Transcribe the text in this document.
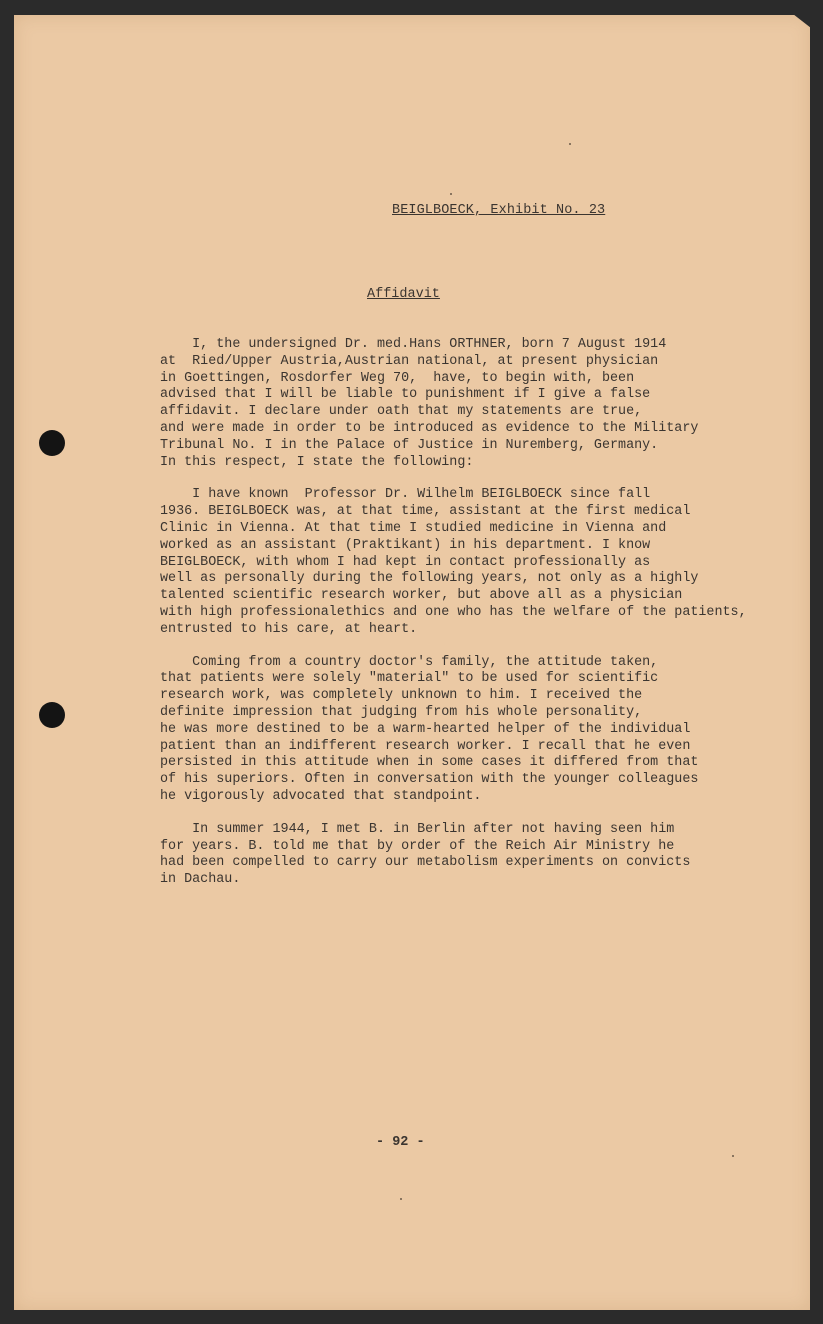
BEIGLBOECK, Exhibit No. 23
Affidavit
I, the undersigned Dr. med.Hans ORTHNER, born 7 August 1914
at  Ried/Upper Austria,Austrian national, at present physician
in Goettingen, Rosdorfer Weg 70,  have, to begin with, been
advised that I will be liable to punishment if I give a false
affidavit. I declare under oath that my statements are true,
and were made in order to be introduced as evidence to the Military
Tribunal No. I in the Palace of Justice in Nuremberg, Germany.
In this respect, I state the following:
I have known  Professor Dr. Wilhelm BEIGLBOECK since fall
1936. BEIGLBOECK was, at that time, assistant at the first medical
Clinic in Vienna. At that time I studied medicine in Vienna and
worked as an assistant (Praktikant) in his department. I know
BEIGLBOECK, with whom I had kept in contact professionally as
well as personally during the following years, not only as a highly
talented scientific research worker, but above all as a physician
with high professionalethics and one who has the welfare of the patients,
entrusted to his care, at heart.
Coming from a country doctor's family, the attitude taken,
that patients were solely "material" to be used for scientific
research work, was completely unknown to him. I received the
definite impression that judging from his whole personality,
he was more destined to be a warm-hearted helper of the individual
patient than an indifferent research worker. I recall that he even
persisted in this attitude when in some cases it differed from that
of his superiors. Often in conversation with the younger colleagues
he vigorously advocated that standpoint.
In summer 1944, I met B. in Berlin after not having seen him
for years. B. told me that by order of the Reich Air Ministry he
had been compelled to carry our metabolism experiments on convicts
in Dachau.
- 92 -
